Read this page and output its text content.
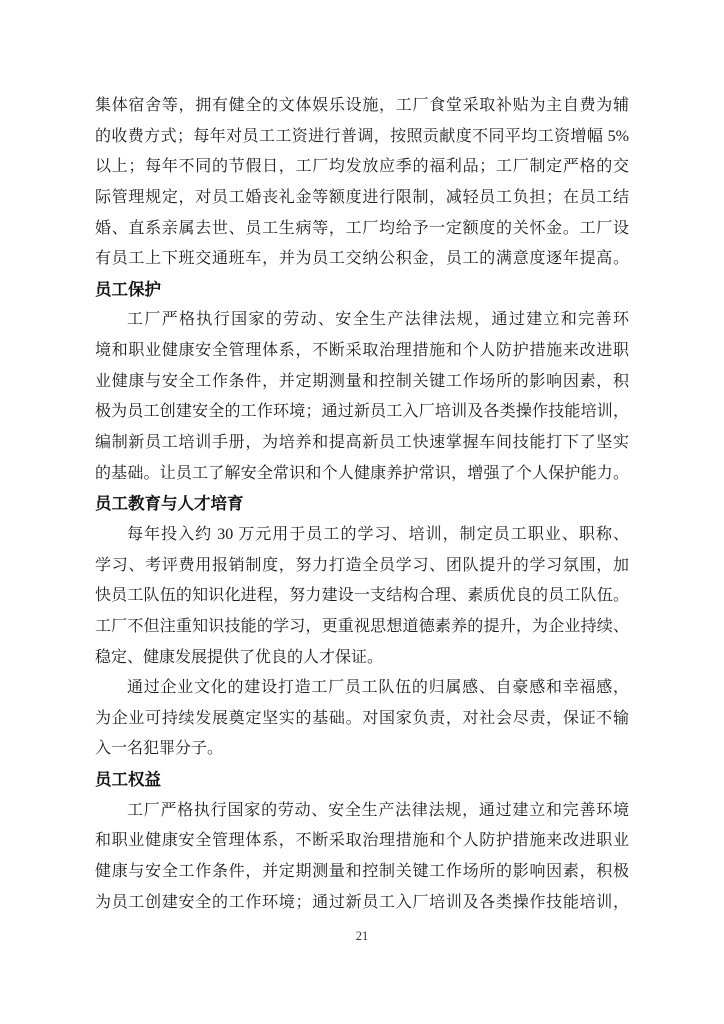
集体宿舍等，拥有健全的文体娱乐设施，工厂食堂采取补贴为主自费为辅
的收费方式；每年对员工工资进行普调，按照贡献度不同平均工资增幅 5%
以上；每年不同的节假日，工厂均发放应季的福利品；工厂制定严格的交
际管理规定，对员工婚丧礼金等额度进行限制，减轻员工负担；在员工结
婚、直系亲属去世、员工生病等，工厂均给予一定额度的关怀金。工厂设
有员工上下班交通班车，并为员工交纳公积金，员工的满意度逐年提高。
员工保护
工厂严格执行国家的劳动、安全生产法律法规，通过建立和完善环
境和职业健康安全管理体系，不断采取治理措施和个人防护措施来改进职
业健康与安全工作条件，并定期测量和控制关键工作场所的影响因素，积
极为员工创建安全的工作环境；通过新员工入厂培训及各类操作技能培训，
编制新员工培训手册，为培养和提高新员工快速掌握车间技能打下了坚实
的基础。让员工了解安全常识和个人健康养护常识，增强了个人保护能力。
员工教育与人才培育
每年投入约 30 万元用于员工的学习、培训，制定员工职业、职称、
学习、考评费用报销制度，努力打造全员学习、团队提升的学习氛围，加
快员工队伍的知识化进程，努力建设一支结构合理、素质优良的员工队伍。
工厂不但注重知识技能的学习，更重视思想道德素养的提升，为企业持续、
稳定、健康发展提供了优良的人才保证。
通过企业文化的建设打造工厂员工队伍的归属感、自豪感和幸福感，
为企业可持续发展奠定坚实的基础。对国家负责，对社会尽责，保证不输
入一名犯罪分子。
员工权益
工厂严格执行国家的劳动、安全生产法律法规，通过建立和完善环境
和职业健康安全管理体系，不断采取治理措施和个人防护措施来改进职业
健康与安全工作条件，并定期测量和控制关键工作场所的影响因素，积极
为员工创建安全的工作环境；通过新员工入厂培训及各类操作技能培训，
21
